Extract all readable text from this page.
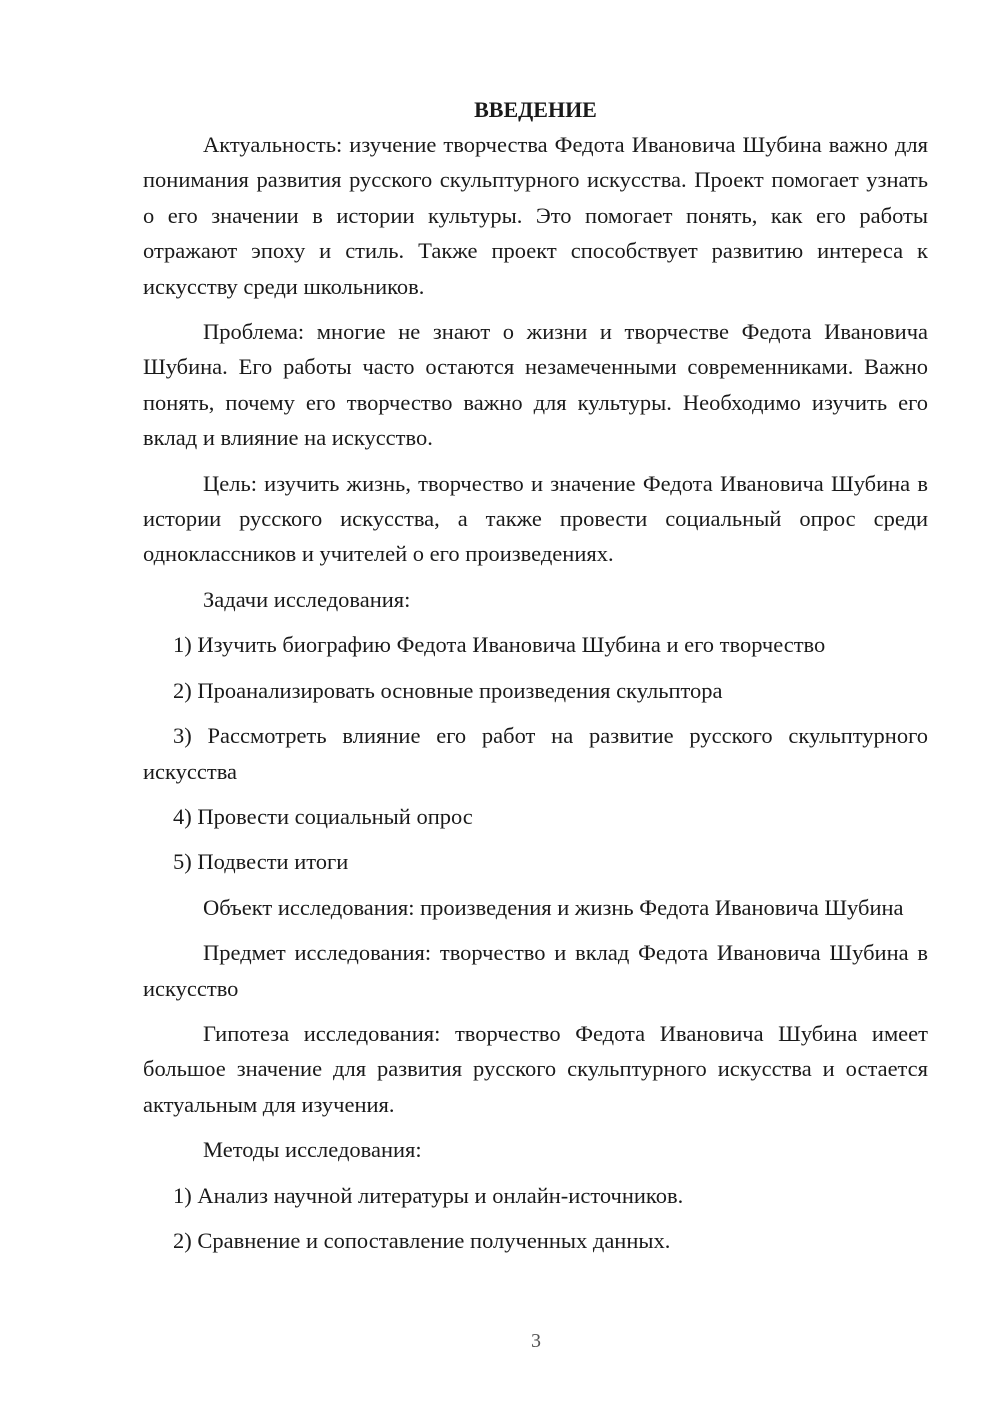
ВВЕДЕНИЕ

Актуальность: изучение творчества Федота Ивановича Шубина важно для понимания развития русского скульптурного искусства. Проект помогает узнать о его значении в истории культуры. Это помогает понять, как его работы отражают эпоху и стиль. Также проект способствует развитию интереса к искусству среди школьников.

Проблема: многие не знают о жизни и творчестве Федота Ивановича Шубина. Его работы часто остаются незамеченными современниками. Важно понять, почему его творчество важно для культуры. Необходимо изучить его вклад и влияние на искусство.

Цель: изучить жизнь, творчество и значение Федота Ивановича Шубина в истории русского искусства, а также провести социальный опрос среди одноклассников и учителей о его произведениях.

Задачи исследования:

1) Изучить биографию Федота Ивановича Шубина и его творчество

2) Проанализировать основные произведения скульптора

3) Рассмотреть влияние его работ на развитие русского скульптурного искусства

4) Провести социальный опрос

5) Подвести итоги

Объект исследования: произведения и жизнь Федота Ивановича Шубина

Предмет исследования: творчество и вклад Федота Ивановича Шубина в искусство

Гипотеза исследования: творчество Федота Ивановича Шубина имеет большое значение для развития русского скульптурного искусства и остается актуальным для изучения.

Методы исследования:

1) Анализ научной литературы и онлайн-источников.

2) Сравнение и сопоставление полученных данных.

3
